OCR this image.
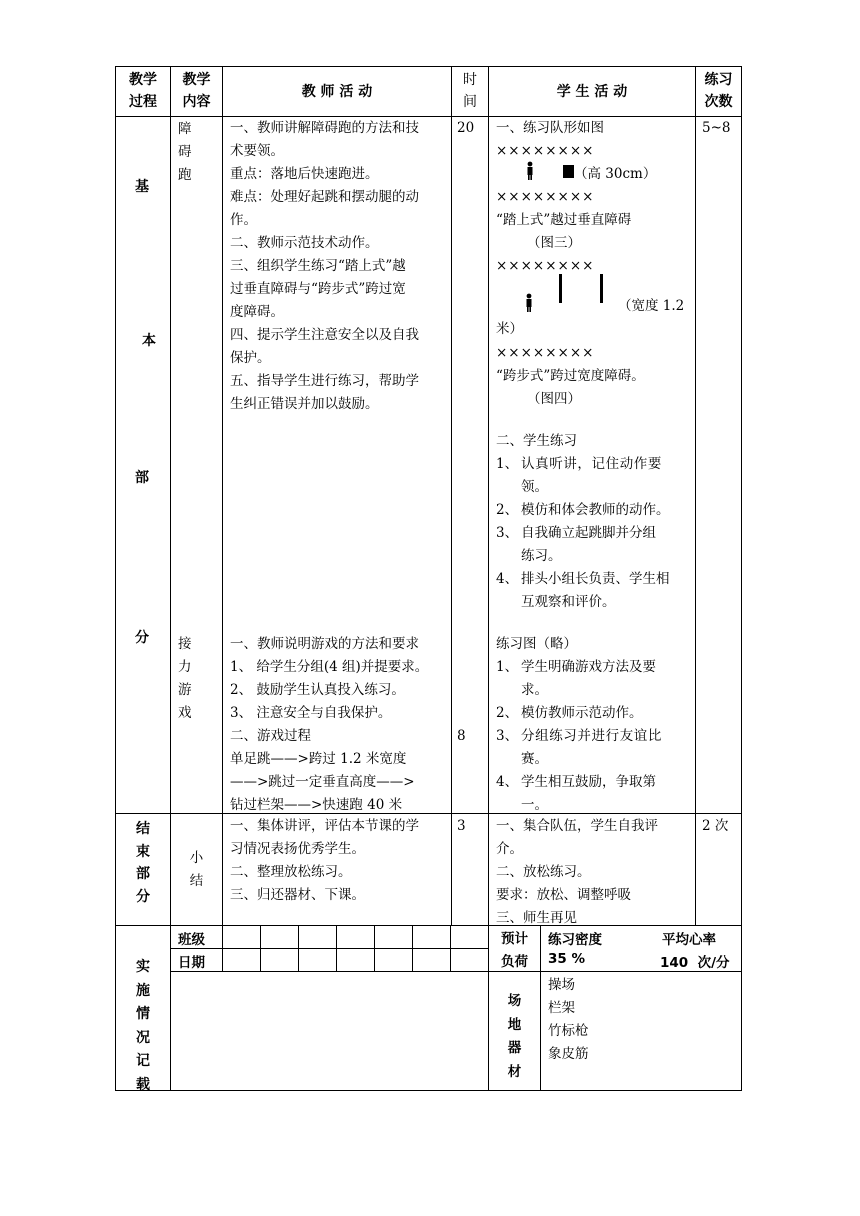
教学
过程
教学
内容
教 师 活 动
时
间
学 生 活 动
练习
次数
基
本
部
分
障
碍
跑
接
力
游
戏
一、教师讲解障碍跑的方法和技
术要领。
重点：落地后快速跑进。
难点：处理好起跳和摆动腿的动
作。
二、教师示范技术动作。
三、组织学生练习“踏上式”越
过垂直障碍与“跨步式”跨过宽
度障碍。
四、提示学生注意安全以及自我
保护。
五、指导学生进行练习，帮助学
生纠正错误并加以鼓励。
一、教师说明游戏的方法和要求
1、 给学生分组(4 组)并提要求。
2、 鼓励学生认真投入练习。
3、 注意安全与自我保护。
二、游戏过程
单足跳——>跨过 1.2 米宽度
——>跳过一定垂直高度——>
钻过栏架——>快速跑 40 米
20
8
5~8
一、练习队形如图
××××××××
（高 30cm）
××××××××
“踏上式”越过垂直障碍
（图三）
××××××××
（宽度 1.2
米）
××××××××
“跨步式”跨过宽度障碍。
（图四）
二、学生练习
1、 认真听讲，记住动作要
领。
2、 模仿和体会教师的动作。
3、 自我确立起跳脚并分组
练习。
4、 排头小组长负责、学生相
互观察和评价。
练习图（略）
1、 学生明确游戏方法及要
求。
2、 模仿教师示范动作。
3、 分组练习并进行友谊比
赛。
4、 学生相互鼓励，争取第
一。
结
束
部
分
小
结
一、集体讲评，评估本节课的学
习情况表扬优秀学生。
二、整理放松练习。
三、归还器材、下课。
3 一、集合队伍，学生自我评
介。
二、放松练习。
要求：放松、调整呼吸
三、师生再见
2 次
实
施
情
况
记
载
班级
日期
预计
负荷
练习密度
35 %
平均心率
140  次/分
场
地
器
材
操场
栏架
竹标枪
象皮筋
